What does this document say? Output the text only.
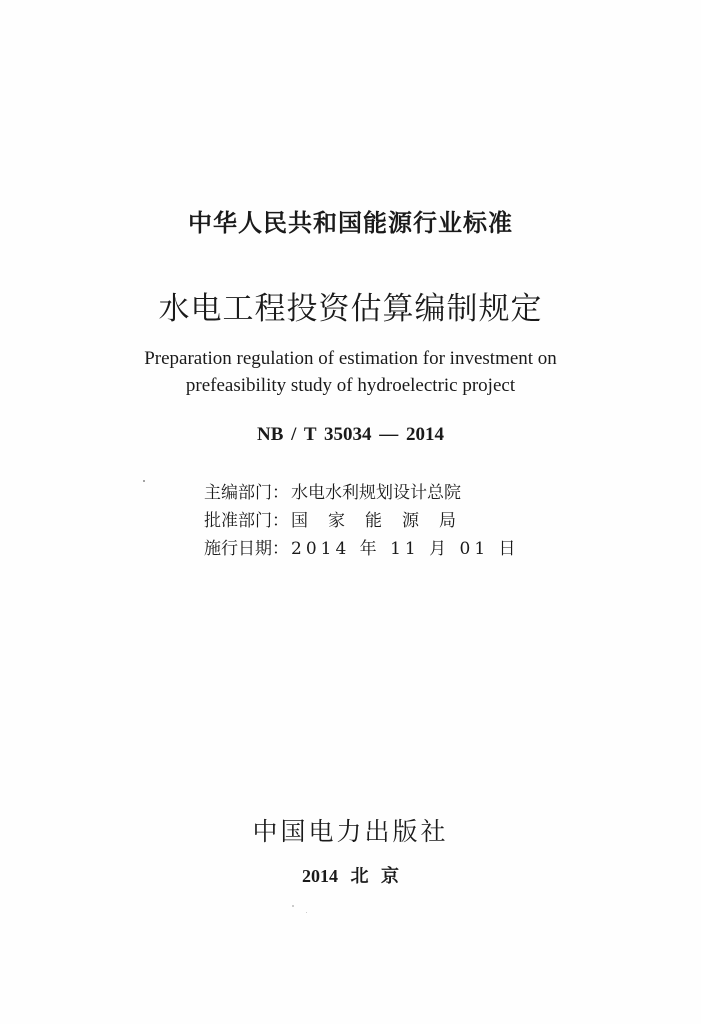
中华人民共和国能源行业标准
水电工程投资估算编制规定
Preparation regulation of estimation for investment on
prefeasibility study of hydroelectric project
NB / T 35034 — 2014
主编部门： 水电水利规划设计总院
批准部门： 国家能源局
施行日期： 2014 年 11 月 01 日
中国电力出版社
2014 北 京
